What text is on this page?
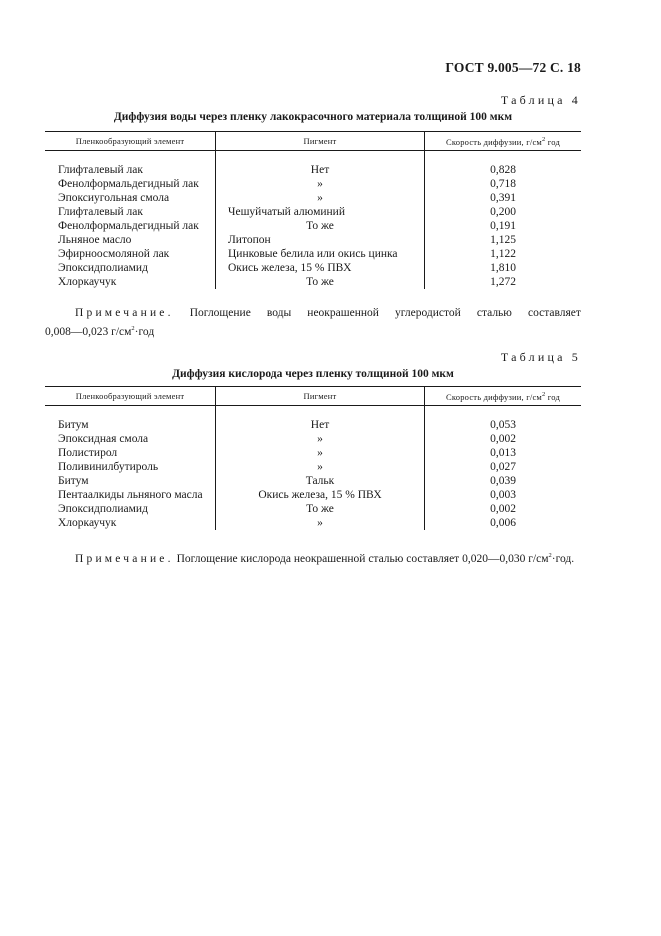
ГОСТ 9.005—72 С. 18
Таблица 4
Диффузия воды через пленку лакокрасочного материала толщиной 100 мкм
Пленкообразующий элемент	Пигмент	Скорость диффузии, $г/см^2$ год

Глифталевый лак	Нет	0,828
Фенолформальдегидный лак	»	0,718
Эпоксиугольная смола	»	0,391
Глифталевый лак	Чешуйчатый алюминий	0,200
Фенолформальдегидный лак	То же	0,191
Льняное масло	Литопон	1,125
Эфирноосмоляной лак	Цинковые белила или окись цинка	1,122
Эпоксидполиамид	Окись железа, 15 % ПВХ	1,810
Хлоркаучук	То же	1,272
Примечание. Поглощение воды неокрашенной углеродистой сталью составляет
0,008—0,023 $г/см^2\cdot год$
Таблица 5
Диффузия кислорода через пленку толщиной 100 мкм
Пленкообразующий элемент	Пигмент	Скорость диффузии, $г/см^2$ год

Битум	Нет	0,053
Эпоксидная смола	»	0,002
Полистирол	»	0,013
Поливинилбутироль	»	0,027
Битум	Тальк	0,039
Пентаалкиды льняного масла	Окись железа, 15 % ПВХ	0,003
Эпоксидполиамид	То же	0,002
Хлоркаучук	»	0,006
Примечание. Поглощение кислорода неокрашенной сталью составляет 0,020—0,030 $г/см^2\cdot год$.
